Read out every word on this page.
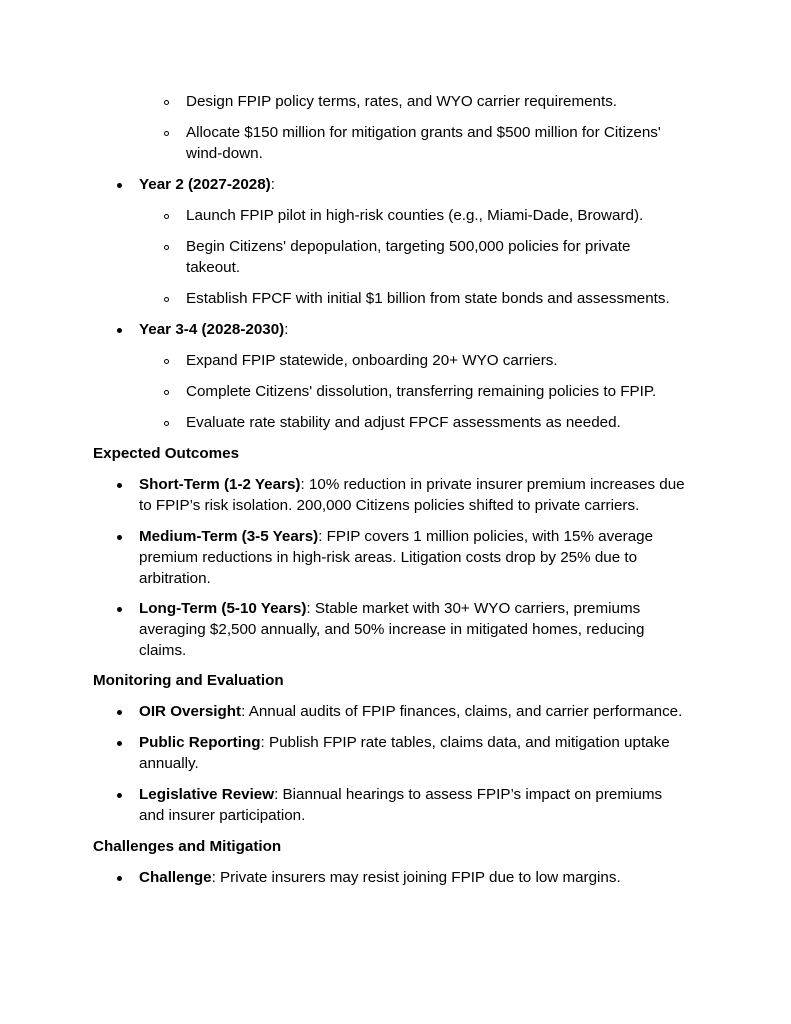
Design FPIP policy terms, rates, and WYO carrier requirements.
Allocate $150 million for mitigation grants and $500 million for Citizens' wind-down.
Year 2 (2027-2028):
Launch FPIP pilot in high-risk counties (e.g., Miami-Dade, Broward).
Begin Citizens' depopulation, targeting 500,000 policies for private takeout.
Establish FPCF with initial $1 billion from state bonds and assessments.
Year 3-4 (2028-2030):
Expand FPIP statewide, onboarding 20+ WYO carriers.
Complete Citizens' dissolution, transferring remaining policies to FPIP.
Evaluate rate stability and adjust FPCF assessments as needed.
Expected Outcomes
Short-Term (1-2 Years): 10% reduction in private insurer premium increases due to FPIP’s risk isolation. 200,000 Citizens policies shifted to private carriers.
Medium-Term (3-5 Years): FPIP covers 1 million policies, with 15% average premium reductions in high-risk areas. Litigation costs drop by 25% due to arbitration.
Long-Term (5-10 Years): Stable market with 30+ WYO carriers, premiums averaging $2,500 annually, and 50% increase in mitigated homes, reducing claims.
Monitoring and Evaluation
OIR Oversight: Annual audits of FPIP finances, claims, and carrier performance.
Public Reporting: Publish FPIP rate tables, claims data, and mitigation uptake annually.
Legislative Review: Biannual hearings to assess FPIP’s impact on premiums and insurer participation.
Challenges and Mitigation
Challenge: Private insurers may resist joining FPIP due to low margins.
